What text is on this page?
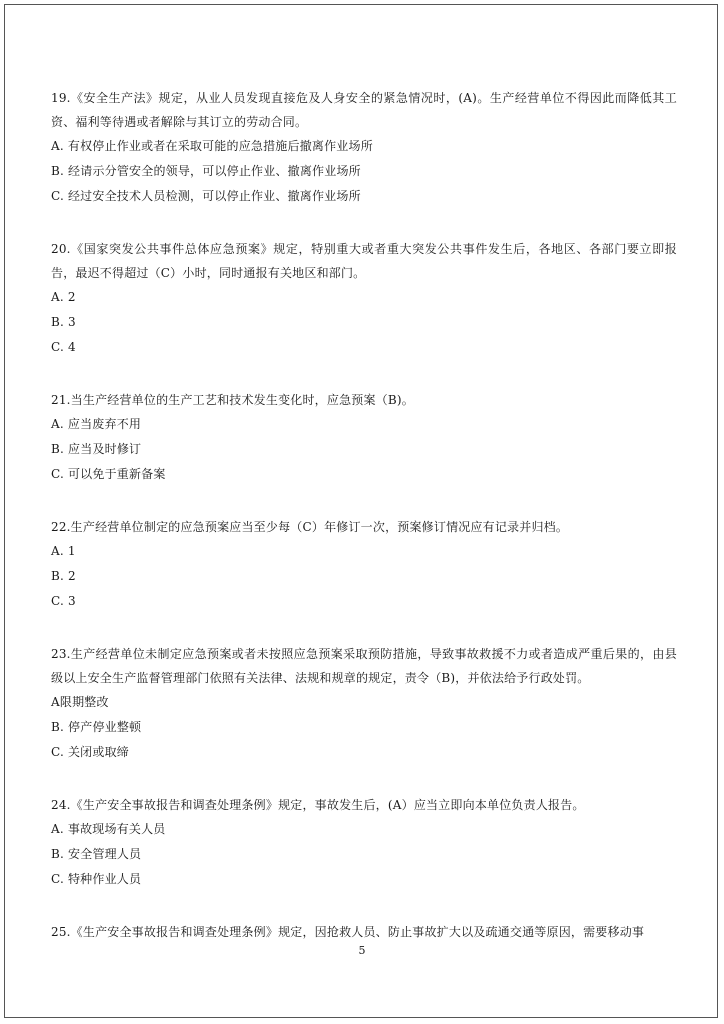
19.《安全生产法》规定，从业人员发现直接危及人身安全的紧急情况时，(A)。生产经营单位不得因此而降低其工资、福利等待遇或者解除与其订立的劳动合同。

A. 有权停止作业或者在采取可能的应急措施后撤离作业场所

B. 经请示分管安全的领导，可以停止作业、撤离作业场所

C. 经过安全技术人员检测，可以停止作业、撤离作业场所

20.《国家突发公共事件总体应急预案》规定，特别重大或者重大突发公共事件发生后，各地区、各部门要立即报告，最迟不得超过（C）小时，同时通报有关地区和部门。

A. 2

B. 3

C. 4

21.当生产经营单位的生产工艺和技术发生变化时，应急预案（B)。

A. 应当废弃不用

B. 应当及时修订

C. 可以免于重新备案

22.生产经营单位制定的应急预案应当至少每（C）年修订一次，预案修订情况应有记录并归档。

A. 1

B. 2

C. 3

23.生产经营单位未制定应急预案或者未按照应急预案采取预防措施，导致事故救援不力或者造成严重后果的，由县级以上安全生产监督管理部门依照有关法律、法规和规章的规定，责令（B)，并依法给予行政处罚。

A限期整改

B. 停产停业整顿

C. 关闭或取缔

24.《生产安全事故报告和调查处理条例》规定，事故发生后，(A）应当立即向本单位负责人报告。

A. 事故现场有关人员

B. 安全管理人员

C. 特种作业人员

25.《生产安全事故报告和调查处理条例》规定，因抢救人员、防止事故扩大以及疏通交通等原因，需要移动事

5
